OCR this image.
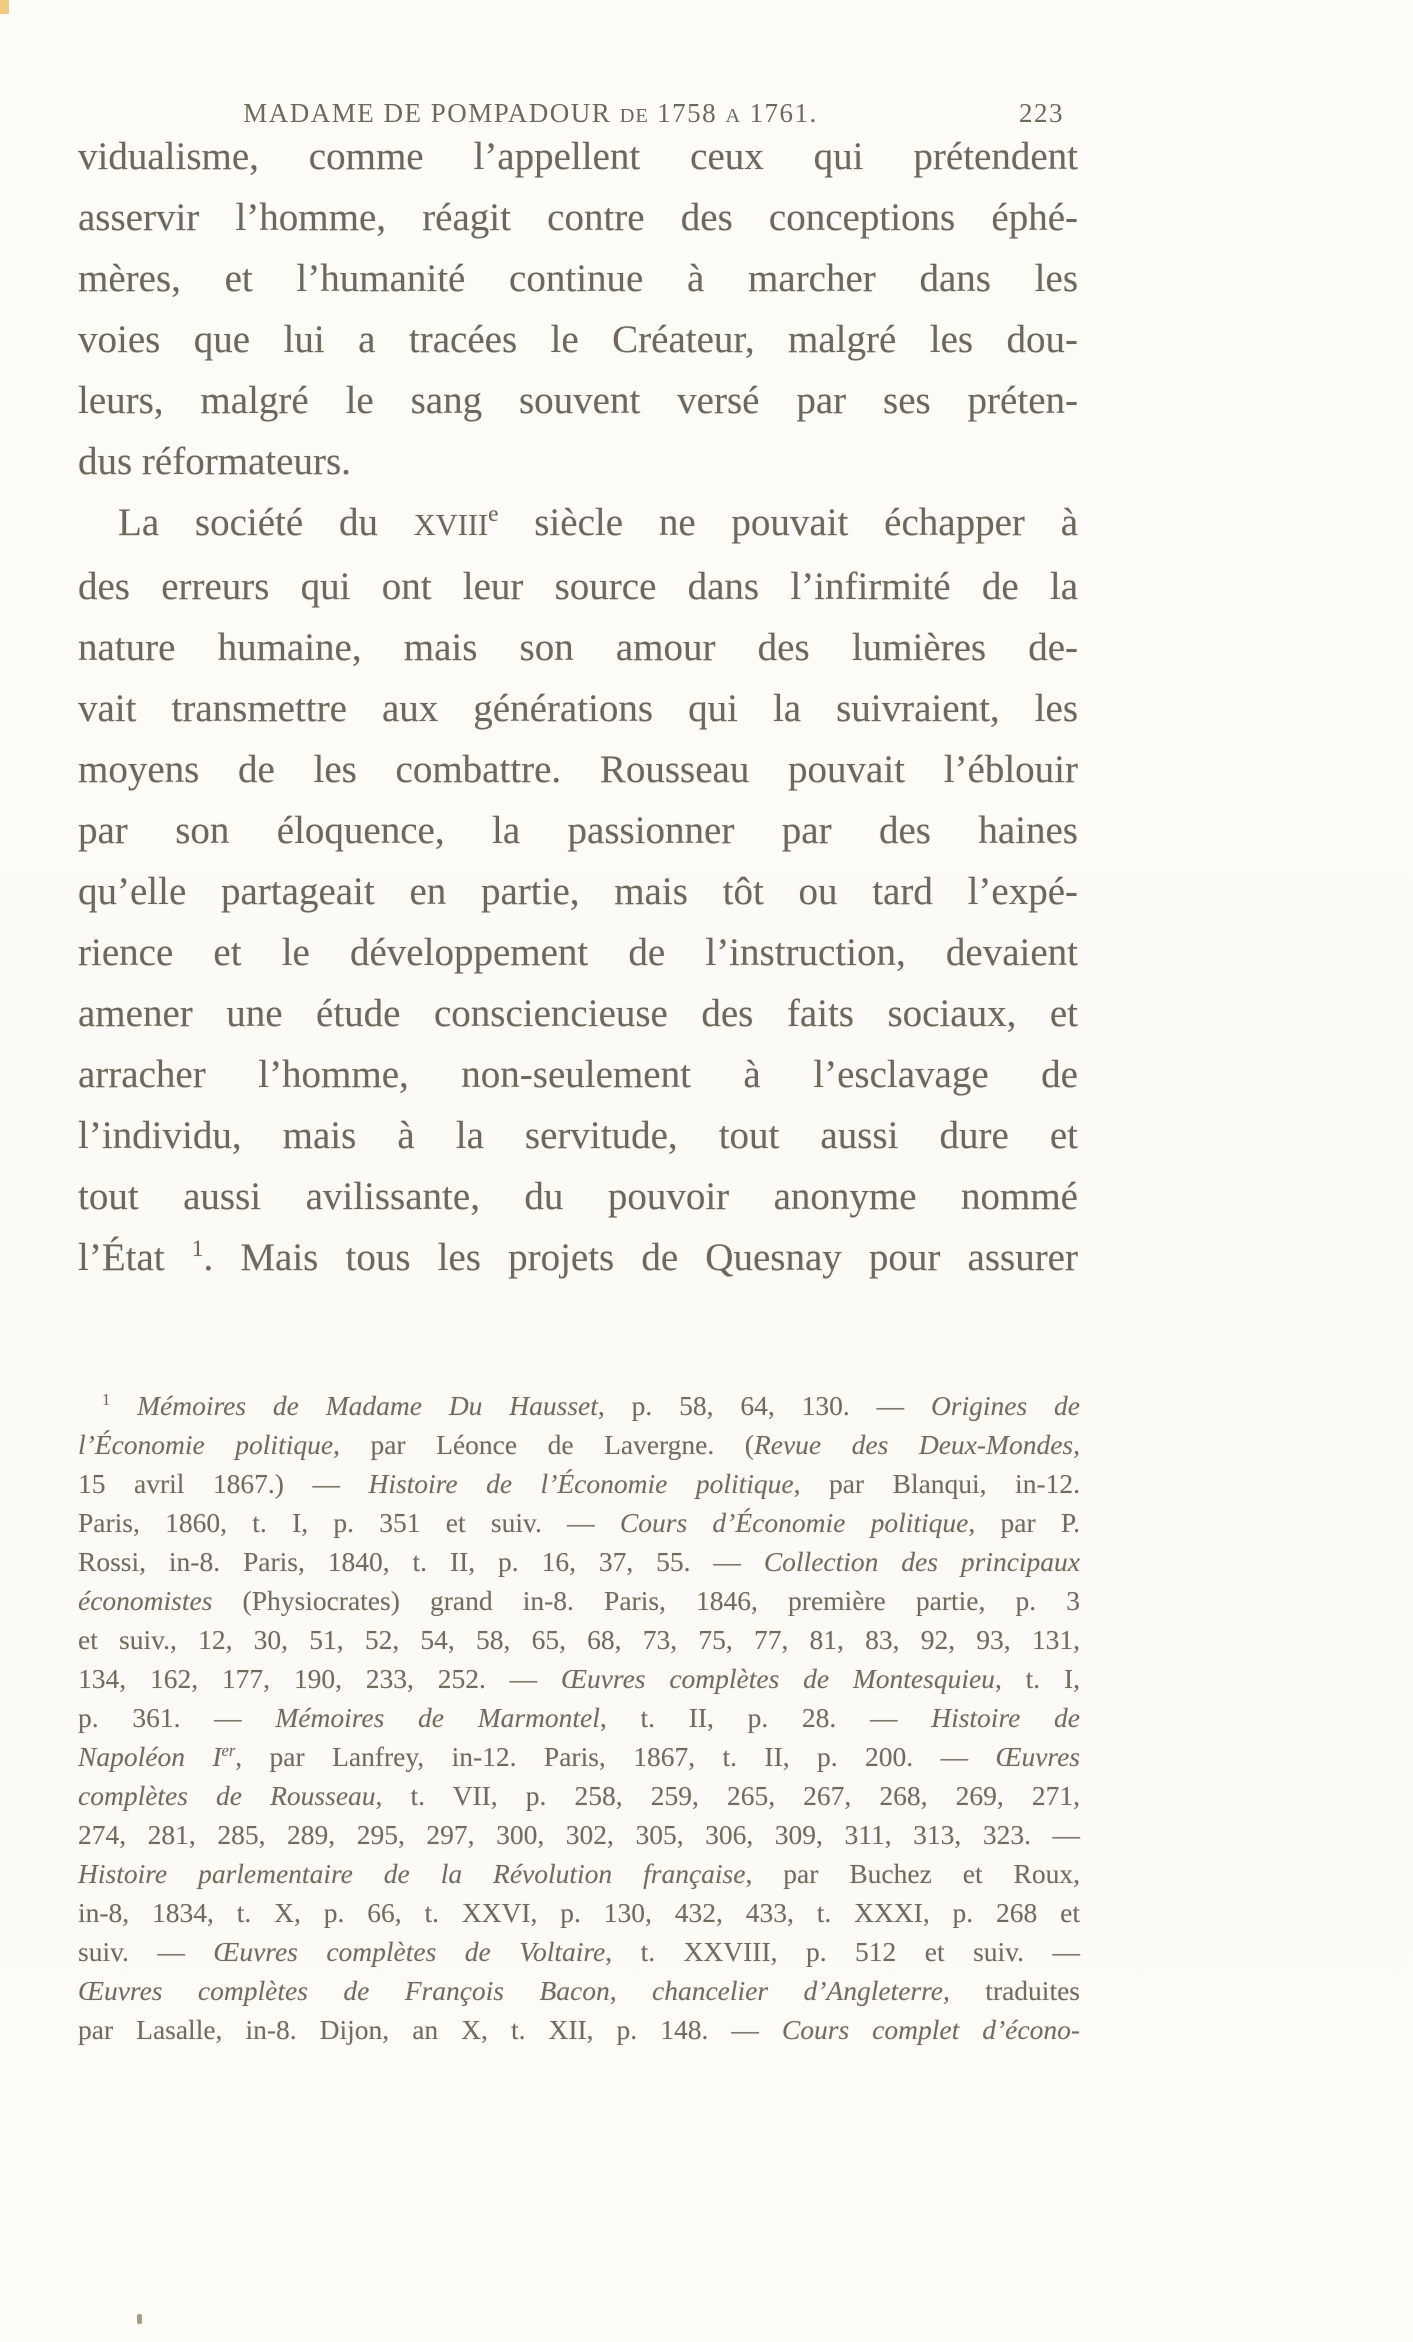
MADAME DE POMPADOUR DE 1758 A 1761.	223
vidualisme, comme l’appellent ceux qui prétendent
asservir l’homme, réagit contre des conceptions éphé-
mères, et l’humanité continue à marcher dans les
voies que lui a tracées le Créateur, malgré les dou-
leurs, malgré le sang souvent versé par ses préten-
dus réformateurs.
La société du XVIIIe siècle ne pouvait échapper à
des erreurs qui ont leur source dans l’infirmité de la
nature humaine, mais son amour des lumières de-
vait transmettre aux générations qui la suivraient, les
moyens de les combattre. Rousseau pouvait l’éblouir
par son éloquence, la passionner par des haines
qu’elle partageait en partie, mais tôt ou tard l’expé-
rience et le développement de l’instruction, devaient
amener une étude consciencieuse des faits sociaux, et
arracher l’homme, non-seulement à l’esclavage de
l’individu, mais à la servitude, tout aussi dure et
tout aussi avilissante, du pouvoir anonyme nommé
l’État $^1$. Mais tous les projets de Quesnay pour assurer
$^1$ Mémoires de Madame Du Hausset, p. 58, 64, 130. — Origines de
l’Économie politique, par Léonce de Lavergne. (Revue des Deux-Mondes,
15 avril 1867.) — Histoire de l’Économie politique, par Blanqui, in-12.
Paris, 1860, t. I, p. 351 et suiv. — Cours d’Économie politique, par P.
Rossi, in-8. Paris, 1840, t. II, p. 16, 37, 55. — Collection des principaux
économistes (Physiocrates) grand in-8. Paris, 1846, première partie, p. 3
et suiv., 12, 30, 51, 52, 54, 58, 65, 68, 73, 75, 77, 81, 83, 92, 93, 131,
134, 162, 177, 190, 233, 252. — Œuvres complètes de Montesquieu, t. I,
p. 361. — Mémoires de Marmontel, t. II, p. 28. — Histoire de
Napoléon Ier, par Lanfrey, in-12. Paris, 1867, t. II, p. 200. — Œuvres
complètes de Rousseau, t. VII, p. 258, 259, 265, 267, 268, 269, 271,
274, 281, 285, 289, 295, 297, 300, 302, 305, 306, 309, 311, 313, 323. —
Histoire parlementaire de la Révolution française, par Buchez et Roux,
in-8, 1834, t. X, p. 66, t. XXVI, p. 130, 432, 433, t. XXXI, p. 268 et
suiv. — Œuvres complètes de Voltaire, t. XXVIII, p. 512 et suiv. —
Œuvres complètes de François Bacon, chancelier d’Angleterre, traduites
par Lasalle, in-8. Dijon, an X, t. XII, p. 148. — Cours complet d’écono-
